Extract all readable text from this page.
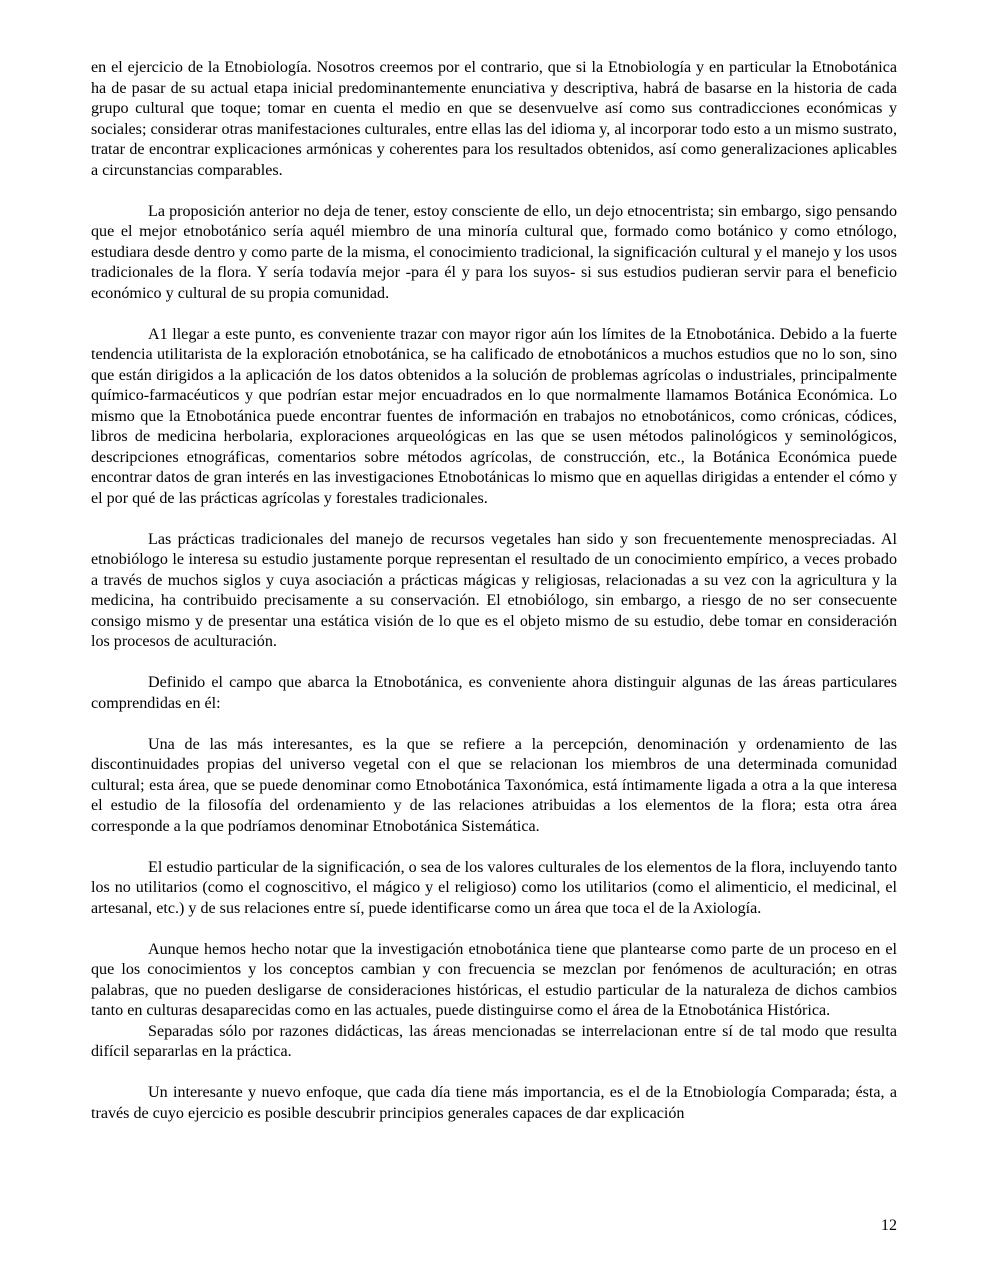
en el ejercicio de la Etnobiología. Nosotros creemos por el contrario, que si la Etnobiología y en particular la Etnobotánica ha de pasar de su actual etapa inicial predominantemente enunciativa y descriptiva, habrá de basarse en la historia de cada grupo cultural que toque; tomar en cuenta el medio en que se desenvuelve así como sus contradicciones económicas y sociales; considerar otras manifestaciones culturales, entre ellas las del idioma y, al incorporar todo esto a un mismo sustrato, tratar de encontrar explicaciones armónicas y coherentes para los resultados obtenidos, así como generalizaciones aplicables a circunstancias comparables.

La proposición anterior no deja de tener, estoy consciente de ello, un dejo etnocentrista; sin embargo, sigo pensando que el mejor etnobotánico sería aquél miembro de una minoría cultural que, formado como botánico y como etnólogo, estudiara desde dentro y como parte de la misma, el conocimiento tradicional, la significación cultural y el manejo y los usos tradicionales de la flora. Y sería todavía mejor -para él y para los suyos- si sus estudios pudieran servir para el beneficio económico y cultural de su propia comunidad.

A1 llegar a este punto, es conveniente trazar con mayor rigor aún los límites de la Etnobotánica. Debido a la fuerte tendencia utilitarista de la exploración etnobotánica, se ha calificado de etnobotánicos a muchos estudios que no lo son, sino que están dirigidos a la aplicación de los datos obtenidos a la solución de problemas agrícolas o industriales, principalmente químico-farmacéuticos y que podrían estar mejor encuadrados en lo que normalmente llamamos Botánica Económica. Lo mismo que la Etnobotánica puede encontrar fuentes de información en trabajos no etnobotánicos, como crónicas, códices, libros de medicina herbolaria, exploraciones arqueológicas en las que se usen métodos palinológicos y seminológicos, descripciones etnográficas, comentarios sobre métodos agrícolas, de construcción, etc., la Botánica Económica puede encontrar datos de gran interés en las investigaciones Etnobotánicas lo mismo que en aquellas dirigidas a entender el cómo y el por qué de las prácticas agrícolas y forestales tradicionales.

Las prácticas tradicionales del manejo de recursos vegetales han sido y son frecuentemente menospreciadas. Al etnobiólogo le interesa su estudio justamente porque representan el resultado de un conocimiento empírico, a veces probado a través de muchos siglos y cuya asociación a prácticas mágicas y religiosas, relacionadas a su vez con la agricultura y la medicina, ha contribuido precisamente a su conservación. El etnobiólogo, sin embargo, a riesgo de no ser consecuente consigo mismo y de presentar una estática visión de lo que es el objeto mismo de su estudio, debe tomar en consideración los procesos de aculturación.

Definido el campo que abarca la Etnobotánica, es conveniente ahora distinguir algunas de las áreas particulares comprendidas en él:

Una de las más interesantes, es la que se refiere a la percepción, denominación y ordenamiento de las discontinuidades propias del universo vegetal con el que se relacionan los miembros de una determinada comunidad cultural; esta área, que se puede denominar como Etnobotánica Taxonómica, está íntimamente ligada a otra a la que interesa el estudio de la filosofía del ordenamiento y de las relaciones atribuidas a los elementos de la flora; esta otra área corresponde a la que podríamos denominar Etnobotánica Sistemática.

El estudio particular de la significación, o sea de los valores culturales de los elementos de la flora, incluyendo tanto los no utilitarios (como el cognoscitivo, el mágico y el religioso) como los utilitarios (como el alimenticio, el medicinal, el artesanal, etc.) y de sus relaciones entre sí, puede identificarse como un área que toca el de la Axiología.

Aunque hemos hecho notar que la investigación etnobotánica tiene que plantearse como parte de un proceso en el que los conocimientos y los conceptos cambian y con frecuencia se mezclan por fenómenos de aculturación; en otras palabras, que no pueden desligarse de consideraciones históricas, el estudio particular de la naturaleza de dichos cambios tanto en culturas desaparecidas como en las actuales, puede distinguirse como el área de la Etnobotánica Histórica.

Separadas sólo por razones didácticas, las áreas mencionadas se interrelacionan entre sí de tal modo que resulta difícil separarlas en la práctica.

Un interesante y nuevo enfoque, que cada día tiene más importancia, es el de la Etnobiología Comparada; ésta, a través de cuyo ejercicio es posible descubrir principios generales capaces de dar explicación

12
